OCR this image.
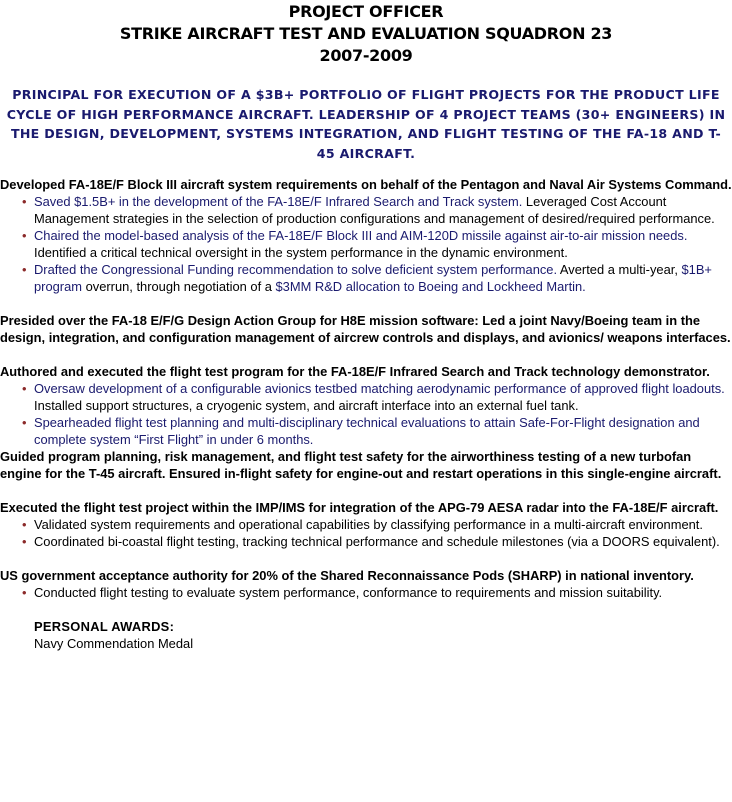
PROJECT OFFICER
STRIKE AIRCRAFT TEST AND EVALUATION SQUADRON 23
2007-2009
PRINCIPAL FOR EXECUTION OF A $3B+ PORTFOLIO OF FLIGHT PROJECTS FOR THE PRODUCT LIFE CYCLE OF HIGH PERFORMANCE AIRCRAFT. LEADERSHIP OF 4 PROJECT TEAMS (30+ ENGINEERS) IN THE DESIGN, DEVELOPMENT, SYSTEMS INTEGRATION, AND FLIGHT TESTING OF THE FA-18 AND T-45 AIRCRAFT.
Developed FA-18E/F Block III aircraft system requirements on behalf of the Pentagon and Naval Air Systems Command.
• Saved $1.5B+ in the development of the FA-18E/F Infrared Search and Track system. Leveraged Cost Account Management strategies in the selection of production configurations and management of desired/required performance.
• Chaired the model-based analysis of the FA-18E/F Block III and AIM-120D missile against air-to-air mission needs. Identified a critical technical oversight in the system performance in the dynamic environment.
• Drafted the Congressional Funding recommendation to solve deficient system performance. Averted a multi-year, $1B+ program overrun, through negotiation of a $3MM R&D allocation to Boeing and Lockheed Martin.
Presided over the FA-18 E/F/G Design Action Group for H8E mission software: Led a joint Navy/Boeing team in the design, integration, and configuration management of aircrew controls and displays, and avionics/ weapons interfaces.
Authored and executed the flight test program for the FA-18E/F Infrared Search and Track technology demonstrator.
• Oversaw development of a configurable avionics testbed matching aerodynamic performance of approved flight loadouts. Installed support structures, a cryogenic system, and aircraft interface into an external fuel tank.
• Spearheaded flight test planning and multi-disciplinary technical evaluations to attain Safe-For-Flight designation and complete system “First Flight” in under 6 months.
Guided program planning, risk management, and flight test safety for the airworthiness testing of a new turbofan engine for the T-45 aircraft. Ensured in-flight safety for engine-out and restart operations in this single-engine aircraft.
Executed the flight test project within the IMP/IMS for integration of the APG-79 AESA radar into the FA-18E/F aircraft.
• Validated system requirements and operational capabilities by classifying performance in a multi-aircraft environment.
• Coordinated bi-coastal flight testing, tracking technical performance and schedule milestones (via a DOORS equivalent).
US government acceptance authority for 20% of the Shared Reconnaissance Pods (SHARP) in national inventory.
• Conducted flight testing to evaluate system performance, conformance to requirements and mission suitability.
PERSONAL AWARDS:
Navy Commendation Medal
